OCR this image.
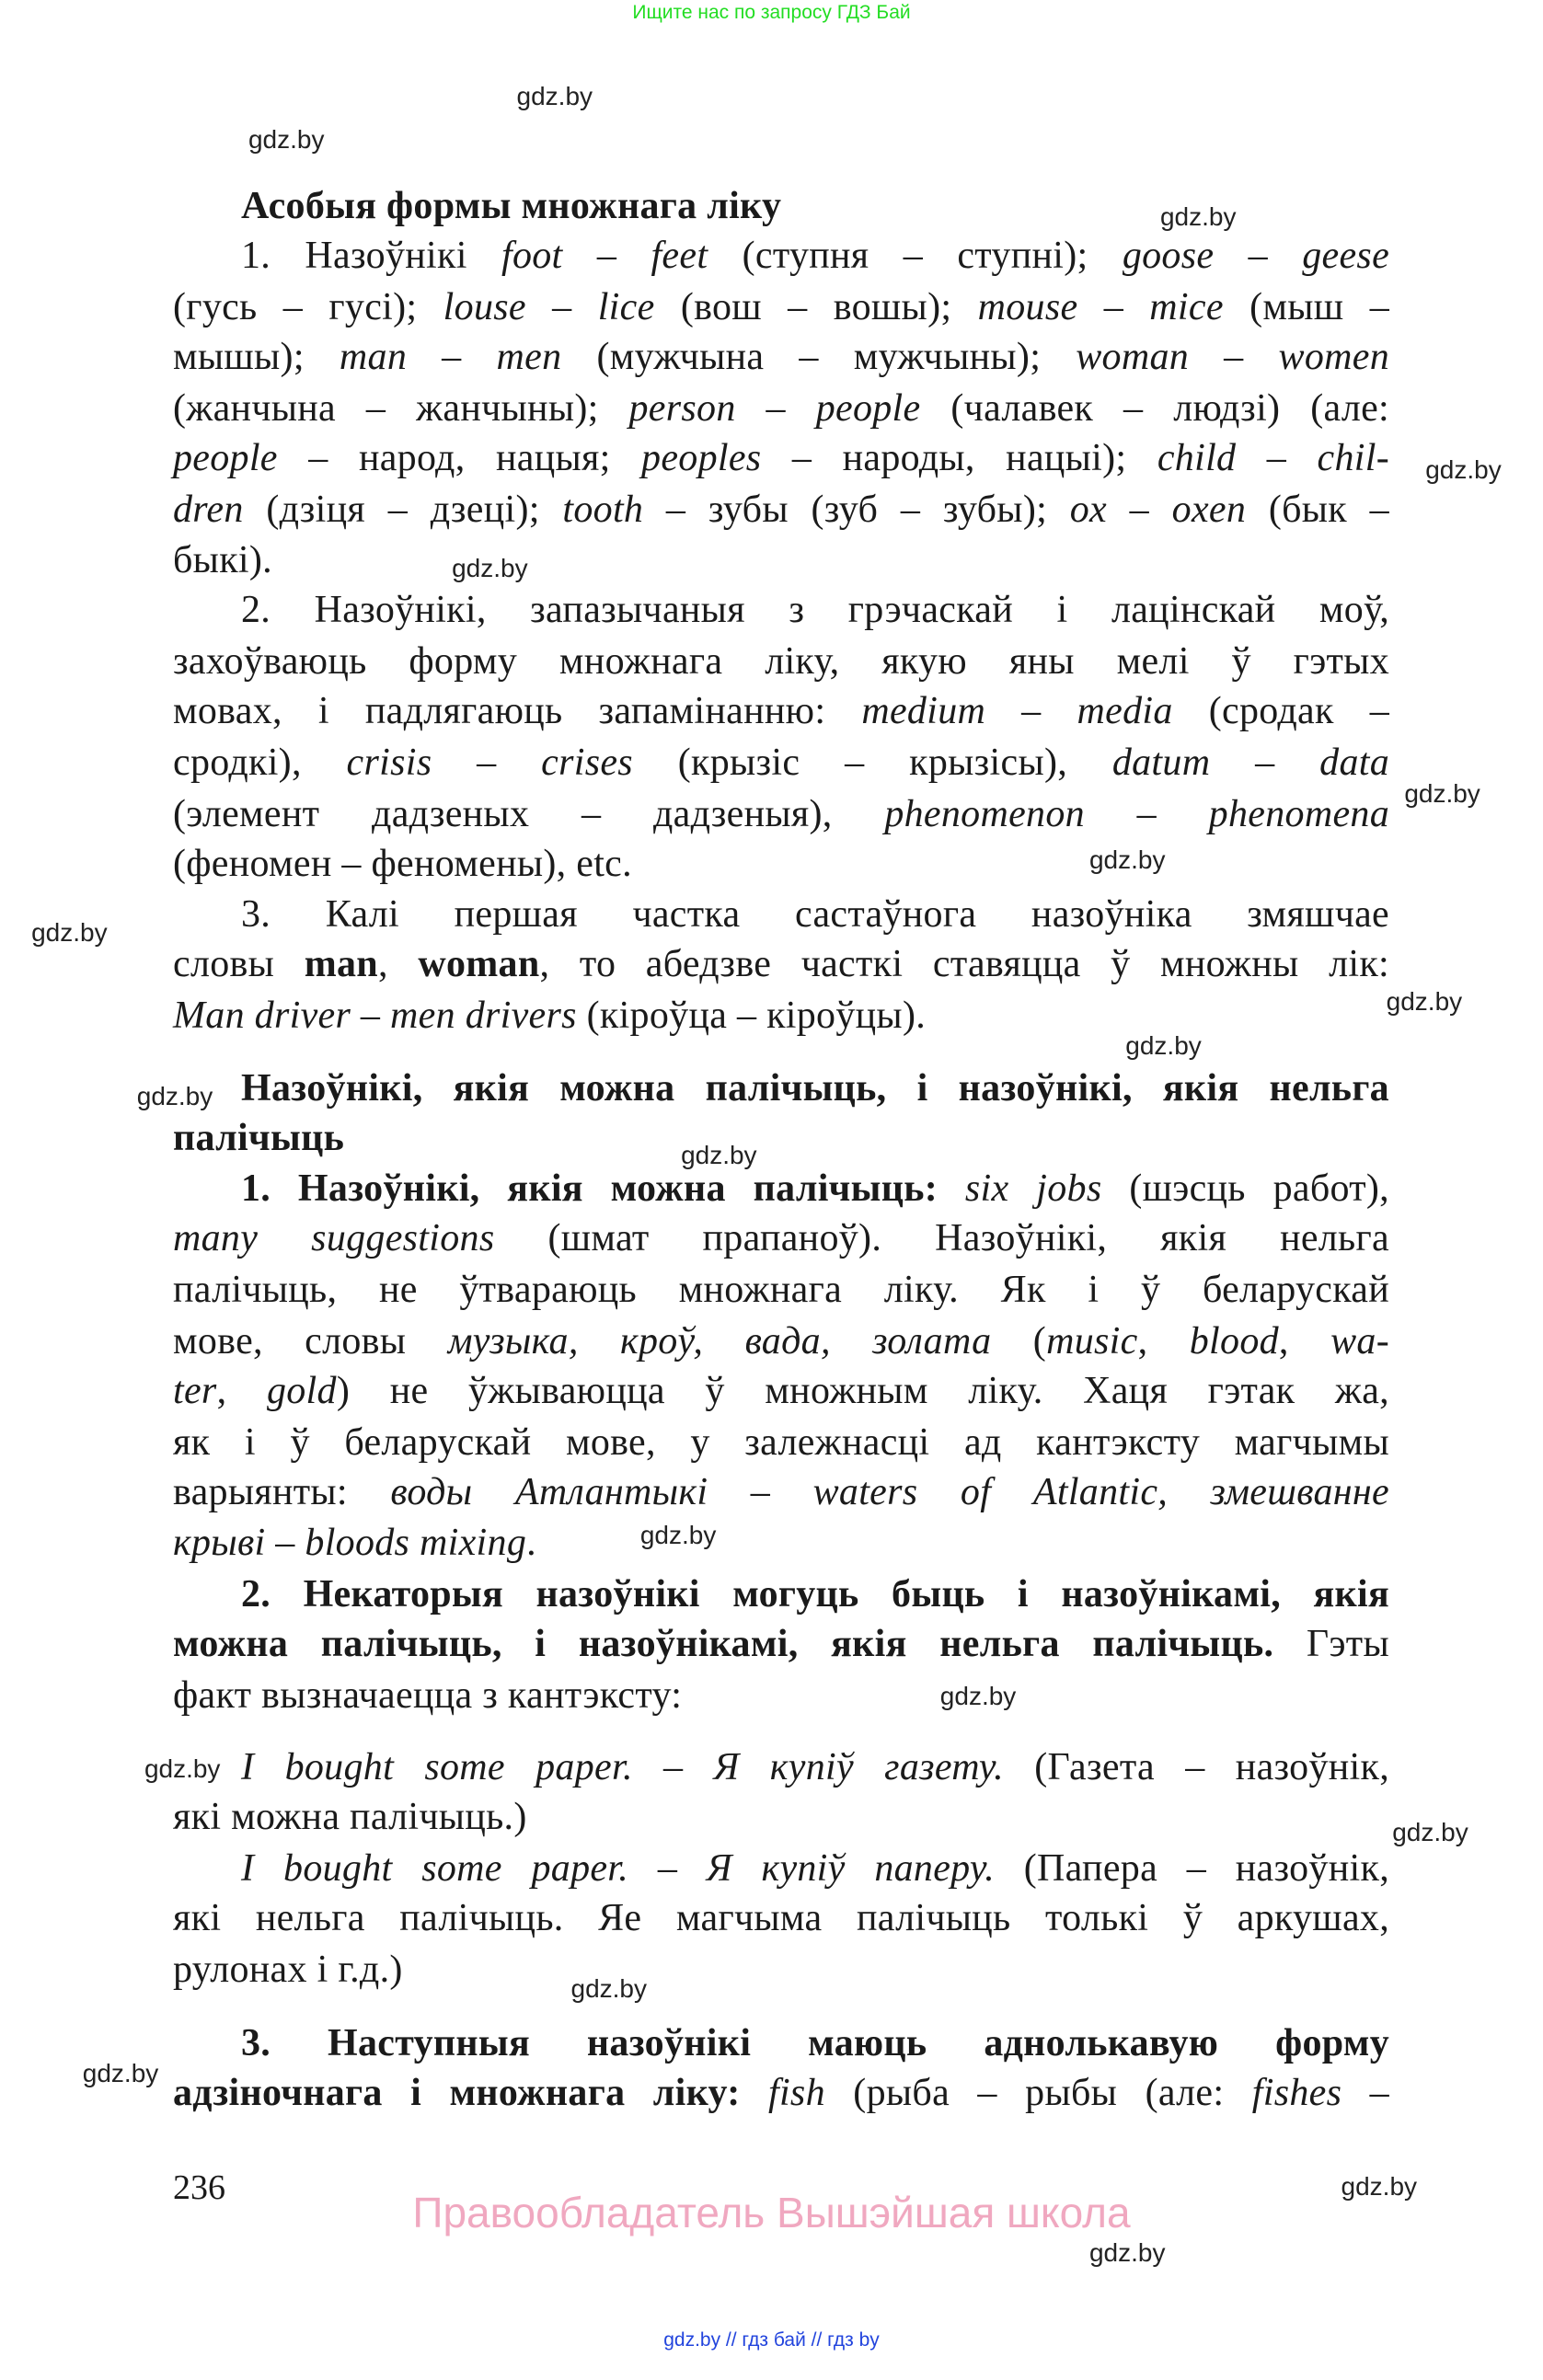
Ищите нас по запросу ГДЗ Бай
Асобыя формы множнага ліку
1. Назоўнікі foot – feet (ступня – ступні); goose – geese
(гусь – гусі); louse – lice (вош – вошы); mouse – mice (мыш –
мышы); man – men (мужчына – мужчыны); woman – women
(жанчына – жанчыны); person – people (чалавек – людзі) (але:
people – народ, нацыя; peoples – народы, нацыі); child – chil-
dren (дзіця – дзеці); tooth – зубы (зуб – зубы); ox – oxen (бык –
быкі).
2. Назоўнікі, запазычаныя з грэчаскай і лацінскай моў,
захоўваюць форму множнага ліку, якую яны мелі ў гэтых
мовах, і падлягаюць запамінанню: medium – media (сродак –
сродкі), crisis – crises (крызіс – крызісы), datum – data
(элемент дадзеных – дадзеныя), phenomenon – phenomena
(феномен – феномены), etc.
3. Калі першая частка састаўнога назоўніка змяшчае
словы man, woman, то абедзве часткі ставяцца ў множны лік:
Man driver – men drivers (кіроўца – кіроўцы).
Назоўнікі, якія можна палічыць, і назоўнікі, якія нельга
палічыць
1. Назоўнікі, якія можна палічыць: six jobs (шэсць работ),
many suggestions (шмат прапаноў). Назоўнікі, якія нельга
палічыць, не ўтвараюць множнага ліку. Як і ў беларускай
мове, словы музыка, кроў, вада, золата (music, blood, wa-
ter, gold) не ўжываюцца ў множным ліку. Хаця гэтак жа,
як і ў беларускай мове, у залежнасці ад кантэксту магчымы
варыянты: воды Атлантыкі – waters of Atlantic, змешванне
крыві – bloods mixing.
2. Некаторыя назоўнікі могуць быць і назоўнікамі, якія
можна палічыць, і назоўнікамі, якія нельга палічыць. Гэты
факт вызначаецца з кантэксту:
I bought some paper. – Я купіў газету. (Газета – назоўнік,
які можна палічыць.)
I bought some paper. – Я купіў паперу. (Папера – назоўнік,
які нельга палічыць. Яе магчыма палічыць толькі ў аркушах,
рулонах і г.д.)
3. Наступныя назоўнікі маюць аднолькавую форму
адзіночнага і множнага ліку: fish (рыба – рыбы (але: fishes –
gdz.by
gdz.by
gdz.by
gdz.by
gdz.by
gdz.by
gdz.by
gdz.by
gdz.by
gdz.by
gdz.by
gdz.by
gdz.by
gdz.by
gdz.by
gdz.by
gdz.by
gdz.by
gdz.by
gdz.by
236
Правообладатель Вышэйшая школа
gdz.by // гдз бай // гдз by
